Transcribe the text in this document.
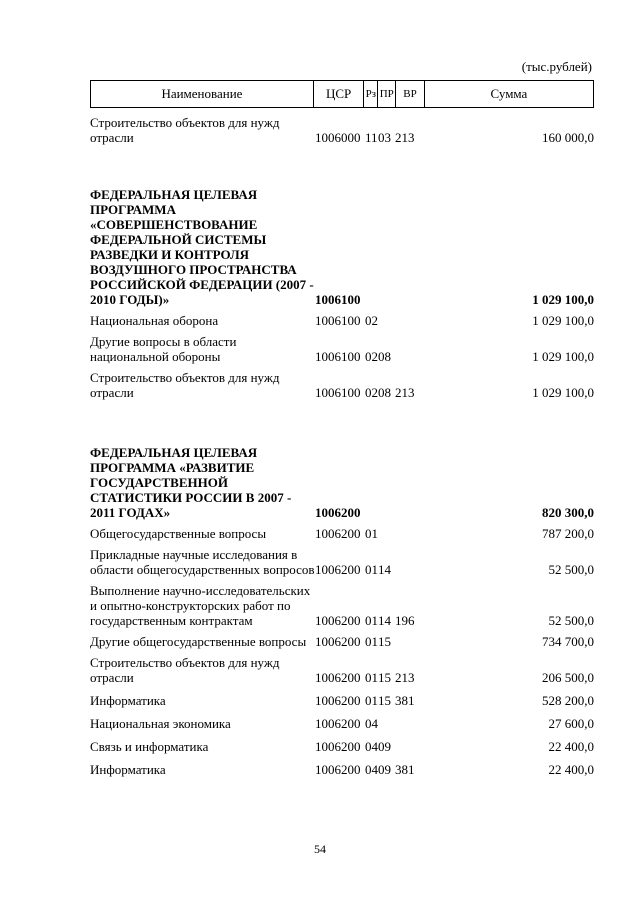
(тыс.рублей)
Наименование	ЦСР	Рз	ПР	ВР	Сумма
Строительство объектов для нужд отрасли	1006000	11	03	213	160 000,0
ФЕДЕРАЛЬНАЯ ЦЕЛЕВАЯ ПРОГРАММА «СОВЕРШЕНСТВОВАНИЕ ФЕДЕРАЛЬНОЙ СИСТЕМЫ РАЗВЕДКИ И КОНТРОЛЯ ВОЗДУШНОГО ПРОСТРАНСТВА РОССИЙСКОЙ ФЕДЕРАЦИИ (2007 - 2010 ГОДЫ)»	1006100				1 029 100,0
Национальная оборона	1006100	02			1 029 100,0
Другие вопросы в области национальной обороны	1006100	02	08		1 029 100,0
Строительство объектов для нужд отрасли	1006100	02	08	213	1 029 100,0
ФЕДЕРАЛЬНАЯ ЦЕЛЕВАЯ ПРОГРАММА «РАЗВИТИЕ ГОСУДАРСТВЕННОЙ СТАТИСТИКИ РОССИИ В 2007 - 2011 ГОДАХ»	1006200				820 300,0
Общегосударственные вопросы	1006200	01			787 200,0
Прикладные научные исследования в области общегосударственных вопросов	1006200	01	14		52 500,0
Выполнение научно-исследовательских и опытно-конструкторских работ по государственным контрактам	1006200	01	14	196	52 500,0
Другие общегосударственные вопросы	1006200	01	15		734 700,0
Строительство объектов для нужд отрасли	1006200	01	15	213	206 500,0
Информатика	1006200	01	15	381	528 200,0
Национальная экономика	1006200	04			27 600,0
Связь и информатика	1006200	04	09		22 400,0
Информатика	1006200	04	09	381	22 400,0
54
